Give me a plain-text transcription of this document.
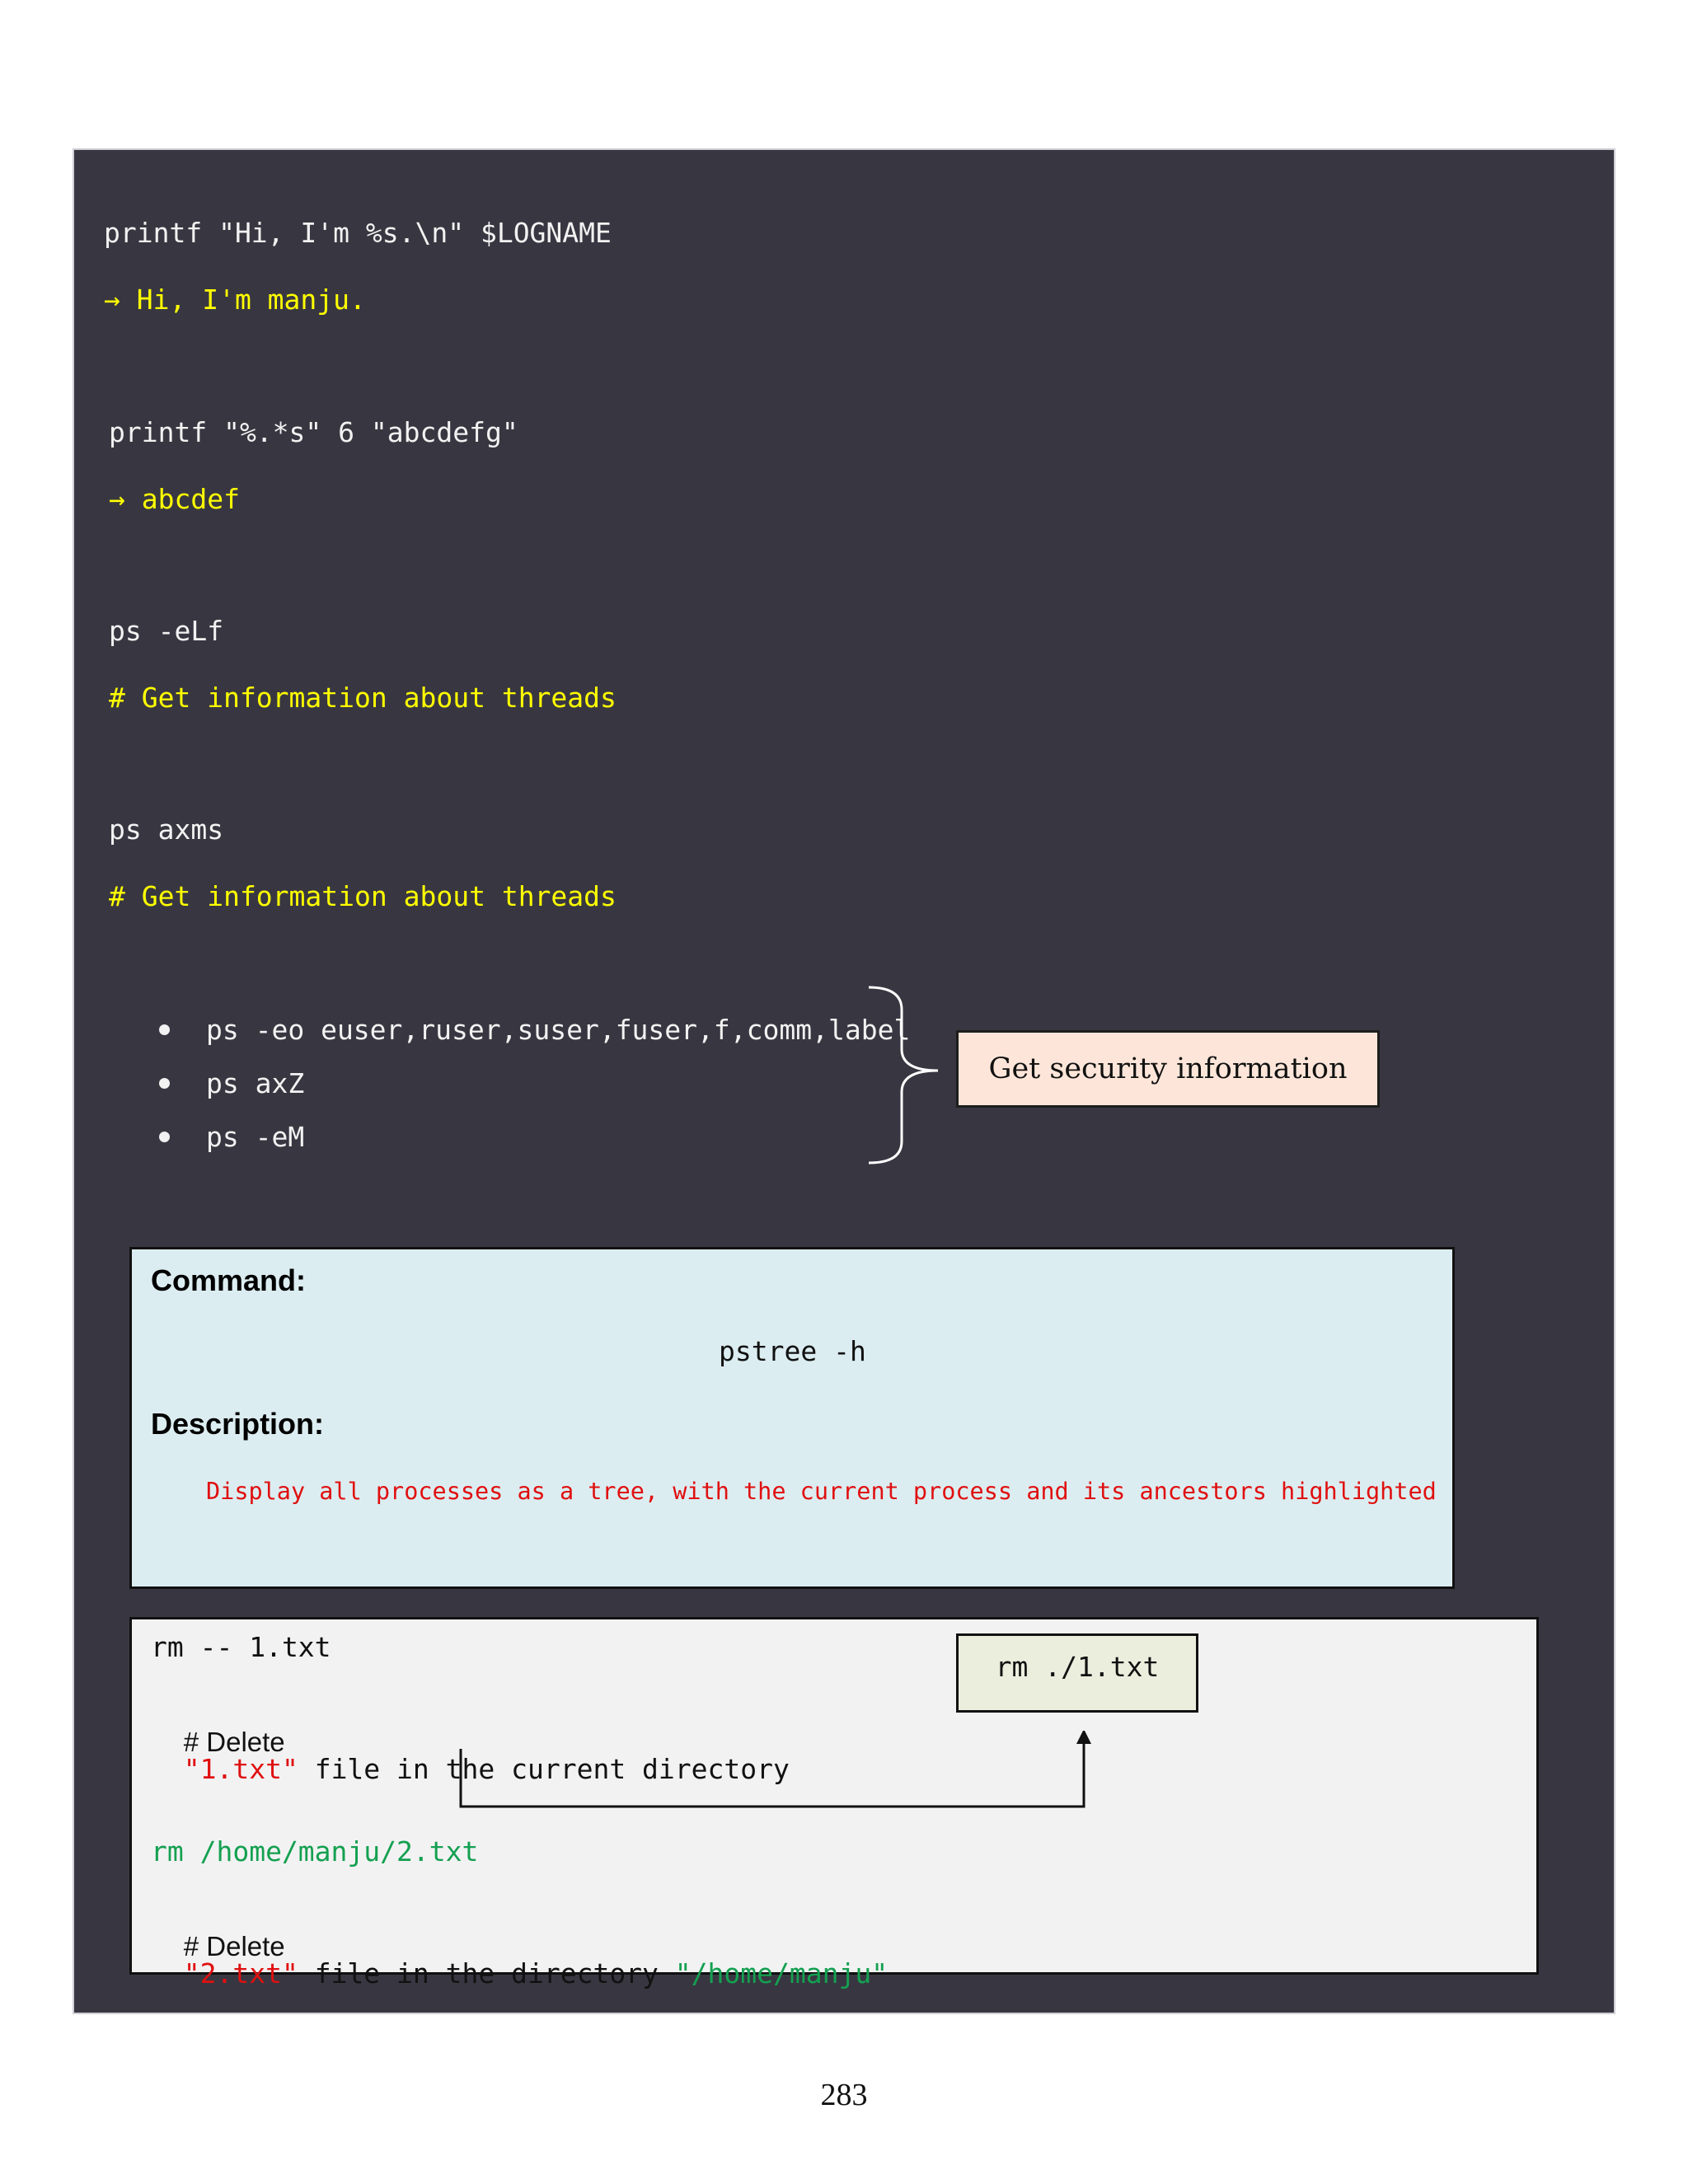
printf "Hi, I'm %s.\n" $LOGNAME
→ Hi, I'm manju.
printf "%.*s" 6 "abcdefg"
→ abcdef
ps -eLf
# Get information about threads
ps axms
# Get information about threads
ps -eo euser,ruser,suser,fuser,f,comm,label
ps axZ
ps -eM
Get security information
Command:
pstree -h
Description:
Display all processes as a tree, with the current process and its ancestors highlighted
rm -- 1.txt

# Delete
"1.txt" file in the current directory

rm ./1.txt
rm /home/manju/2.txt

# Delete
"2.txt" file in the directory "/home/manju"

283
